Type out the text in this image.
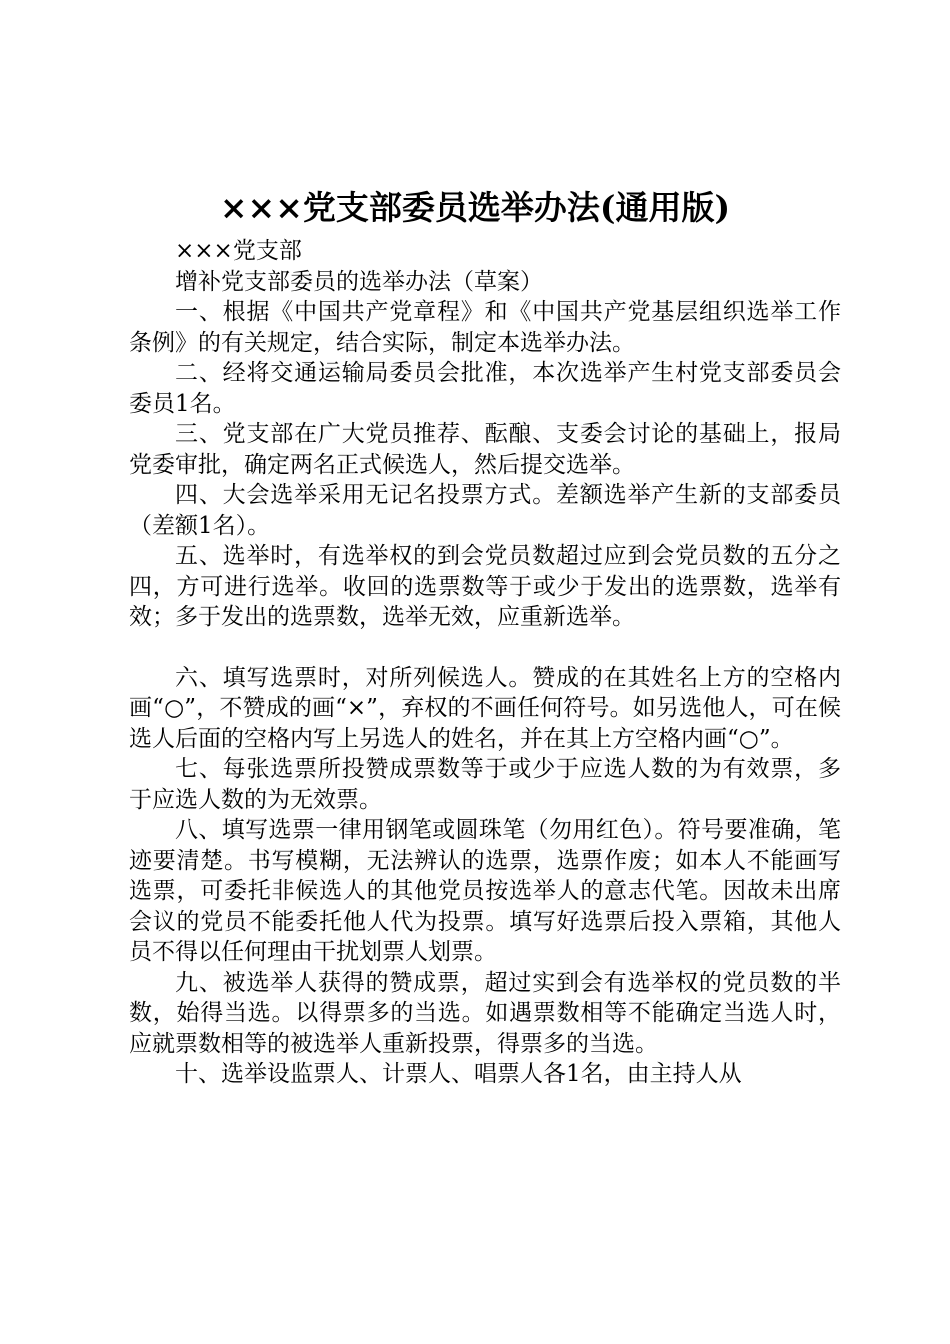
×××党支部委员选举办法(通用版)

×××党支部

增补党支部委员的选举办法（草案）

一、根据《中国共产党章程》和《中国共产党基层组织选举工作条例》的有关规定，结合实际，制定本选举办法。

二、经将交通运输局委员会批准，本次选举产生村党支部委员会委员1名。

三、党支部在广大党员推荐、酝酿、支委会讨论的基础上，报局党委审批，确定两名正式候选人，然后提交选举。

四、大会选举采用无记名投票方式。差额选举产生新的支部委员（差额1名）。

五、选举时，有选举权的到会党员数超过应到会党员数的五分之四，方可进行选举。收回的选票数等于或少于发出的选票数，选举有效；多于发出的选票数，选举无效，应重新选举。

六、填写选票时，对所列候选人。赞成的在其姓名上方的空格内画“○”，不赞成的画“×”，弃权的不画任何符号。如另选他人，可在候选人后面的空格内写上另选人的姓名，并在其上方空格内画“○”。

七、每张选票所投赞成票数等于或少于应选人数的为有效票，多于应选人数的为无效票。

八、填写选票一律用钢笔或圆珠笔（勿用红色）。符号要准确，笔迹要清楚。书写模糊，无法辨认的选票，选票作废；如本人不能画写选票，可委托非候选人的其他党员按选举人的意志代笔。因故未出席会议的党员不能委托他人代为投票。填写好选票后投入票箱，其他人员不得以任何理由干扰划票人划票。

九、被选举人获得的赞成票，超过实到会有选举权的党员数的半数，始得当选。以得票多的当选。如遇票数相等不能确定当选人时，应就票数相等的被选举人重新投票，得票多的当选。

十、选举设监票人、计票人、唱票人各1名，由主持人从
